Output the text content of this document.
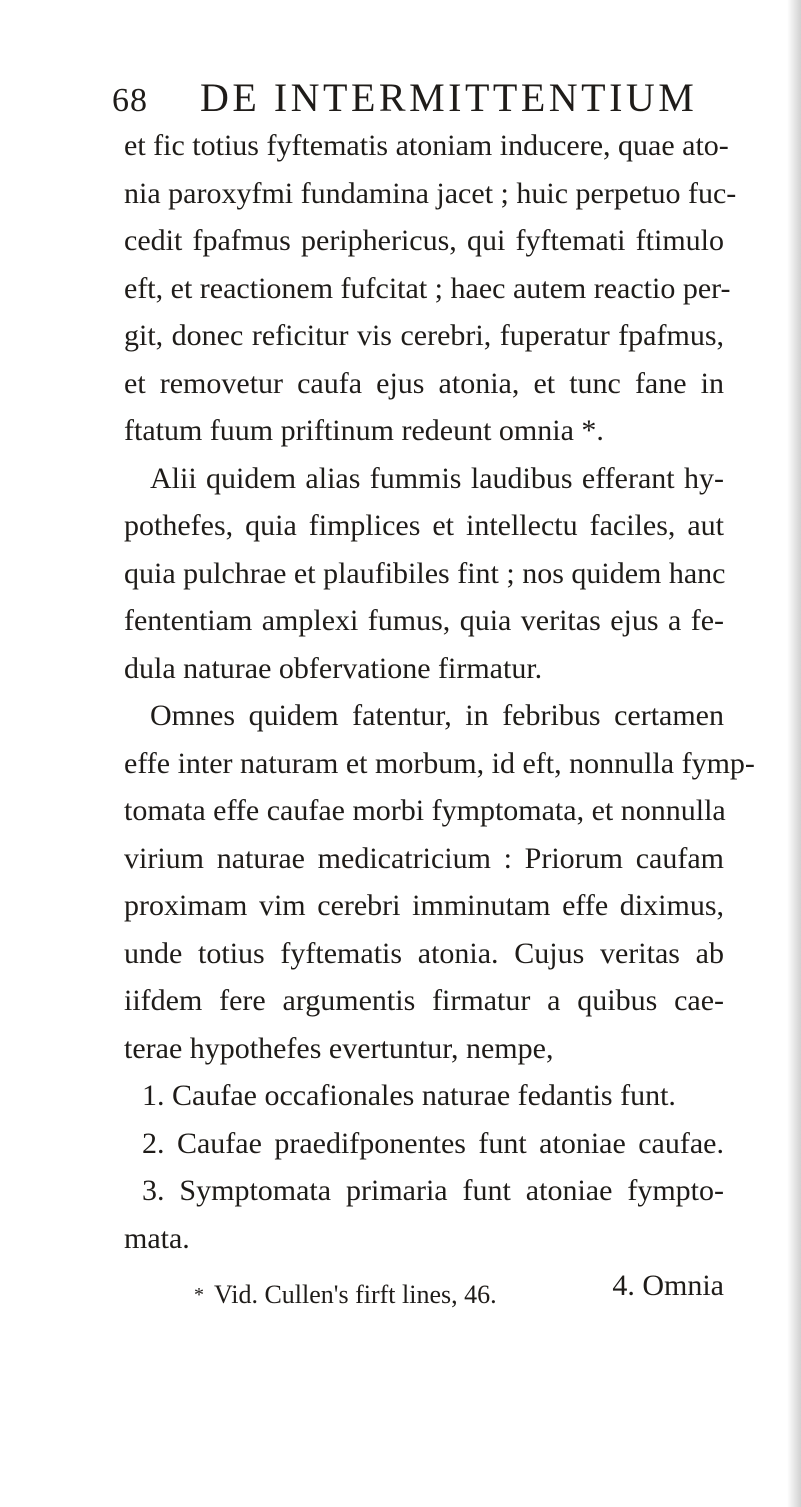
68	DE INTERMITTENTIUM
et fic totius fyftematis atoniam inducere, quae ato-
nia paroxyfmi fundamina jacet ; huic perpetuo fuc-
cedit fpafmus periphericus, qui fyftemati ftimulo
eft, et reactionem fufcitat ; haec autem reactio per-
git, donec reficitur vis cerebri, fuperatur fpafmus,
et removetur caufa ejus atonia, et tunc fane in
ftatum fuum priftinum redeunt omnia *.
Alii quidem alias fummis laudibus efferant hy-
pothefes, quia fimplices et intellectu faciles, aut
quia pulchrae et plaufibiles fint ; nos quidem hanc
fententiam amplexi fumus, quia veritas ejus a fe-
dula naturae obfervatione firmatur.
Omnes quidem fatentur, in febribus certamen
effe inter naturam et morbum, id eft, nonnulla fymp-
tomata effe caufae morbi fymptomata, et nonnulla
virium naturae medicatricium : Priorum caufam
proximam vim cerebri imminutam effe diximus,
unde totius fyftematis atonia. Cujus veritas ab
iifdem fere argumentis firmatur a quibus cae-
terae hypothefes evertuntur, nempe,
1. Caufae occafionales naturae fedantis funt.
2. Caufae praedifponentes funt atoniae caufae.
3. Symptomata primaria funt atoniae fympto-
mata.
4. Omnia
* Vid. Cullen's firft lines, 46.
